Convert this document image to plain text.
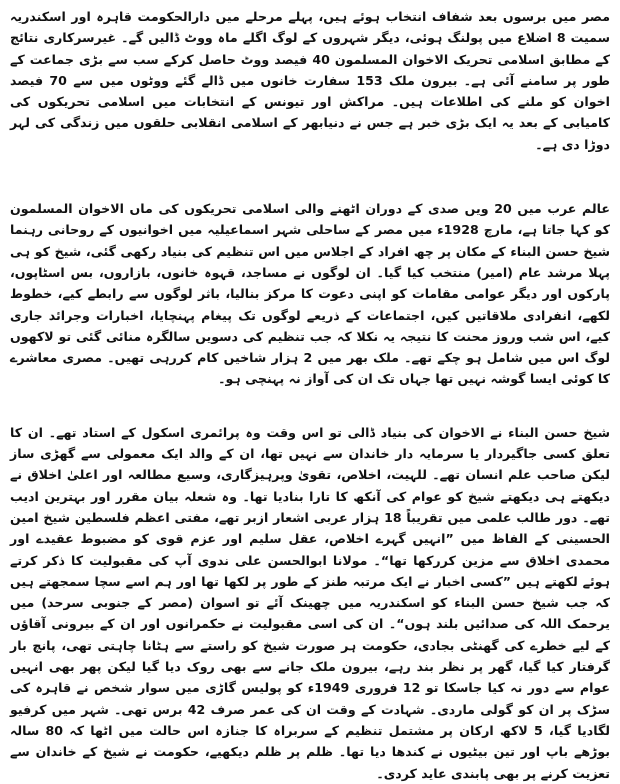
مصر میں برسوں بعد شفاف انتخاب ہوئے ہیں، پہلے مرحلے میں دارالحکومت قاہرہ اور اسکندریہ سمیت 8 اضلاع میں پولنگ ہوئی، دیگر شہروں کے لوگ اگلے ماہ ووٹ ڈالیں گے۔ غیرسرکاری نتائج کے مطابق اسلامی تحریک الاخوان المسلمون 40 فیصد ووٹ حاصل کرکے سب سے بڑی جماعت کے طور پر سامنے آئی ہے۔ بیرون ملک 153 سفارت خانوں میں ڈالے گئے ووٹوں میں سے 70 فیصد اخوان کو ملنے کی اطلاعات ہیں۔ مراکش اور تیونس کے انتخابات میں اسلامی تحریکوں کی کامیابی کے بعد یہ ایک بڑی خبر ہے جس نے دنیابھر کے اسلامی انقلابی حلقوں میں زندگی کی لہر دوڑا دی ہے۔

عالم عرب میں 20 ویں صدی کے دوران اٹھنے والی اسلامی تحریکوں کی ماں الاخوان المسلمون کو کہا جاتا ہے، مارچ 1928ء میں مصر کے ساحلی شہر اسماعیلیہ میں اخوانیوں کے روحانی رہنما شیخ حسن البناء کے مکان پر چھ افراد کے اجلاس میں اس تنظیم کی بنیاد رکھی گئی، شیخ کو ہی پہلا مرشد عام (امیر) منتخب کیا گیا۔ ان لوگوں نے مساجد، قہوہ خانوں، بازاروں، بس اسٹاپوں، پارکوں اور دیگر عوامی مقامات کو اپنی دعوت کا مرکز بنالیا، باثر لوگوں سے رابطے کیے، خطوط لکھے، انفرادی ملاقاتیں کیں، اجتماعات کے ذریعے لوگوں تک پیغام پہنچایا، اخبارات وجرائد جاری کیے، اس شب وروز محنت کا نتیجہ یہ نکلا کہ جب تنظیم کی دسویں سالگرہ منائی گئی تو لاکھوں لوگ اس میں شامل ہو چکے تھے۔ ملک بھر میں 2 ہزار شاخیں کام کررہی تھیں۔ مصری معاشرے کا کوئی ایسا گوشہ نہیں تھا جہاں تک ان کی آواز نہ پہنچی ہو۔

شیخ حسن البناء نے الاخوان کی بنیاد ڈالی تو اس وقت وہ پرائمری اسکول کے استاد تھے۔ ان کا تعلق کسی جاگیردار یا سرمایہ دار خاندان سے نہیں تھا، ان کے والد ایک معمولی سے گھڑی ساز لیکن صاحب علم انسان تھے۔ للہیت، اخلاص، تقویٰ وپرہیزگاری، وسیع مطالعہ اور اعلیٰ اخلاق نے دیکھتے ہی دیکھتے شیخ کو عوام کی آنکھ کا تارا بنادیا تھا۔ وہ شعلہ بیان مقرر اور بہترین ادیب تھے۔ دور طالب علمی میں تقریباً 18 ہزار عربی اشعار ازبر تھے، مفتی اعظم فلسطین شیخ امین الحسینی کے الفاظ میں ”انہیں گہرے اخلاص، عقل سلیم اور عزم قوی کو مضبوط عقیدے اور محمدی اخلاق سے مزین کررکھا تھا“۔ مولانا ابوالحسن علی ندوی آپ کی مقبولیت کا ذکر کرتے ہوئے لکھتے ہیں ”کسی اخبار نے ایک مرتبہ طنز کے طور پر لکھا تھا اور ہم اسے سچا سمجھتے ہیں کہ جب شیخ حسن البناء کو اسکندریہ میں چھینک آئے تو اسوان (مصر کے جنوبی سرحد) میں یرحمک اللہ کی صدائیں بلند ہوں“۔ ان کی اسی مقبولیت نے حکمرانوں اور ان کے بیرونی آقاؤں کے لیے خطرے کی گھنٹی بجادی، حکومت ہر صورت شیخ کو راستے سے ہٹانا چاہتی تھی، پانچ بار گرفتار کیا گیا، گھر پر نظر بند رہے، بیرون ملک جانے سے بھی روک دیا گیا لیکن پھر بھی انہیں عوام سے دور نہ کیا جاسکا تو 12 فروری 1949ء کو پولیس گاڑی میں سوار شخص نے قاہرہ کی سڑک پر ان کو گولی ماردی۔ شہادت کے وقت ان کی عمر صرف 42 برس تھی۔ شہر میں کرفیو لگادیا گیا، 5 لاکھ ارکان پر مشتمل تنظیم کے سربراہ کا جنازہ اس حالت میں اٹھا کہ 80 سالہ بوڑھے باپ اور تین بیٹیوں نے کندھا دیا تھا۔ ظلم پر ظلم دیکھیے، حکومت نے شیخ کے خاندان سے تعزیت کرنے پر بھی پابندی عاید کردی۔
